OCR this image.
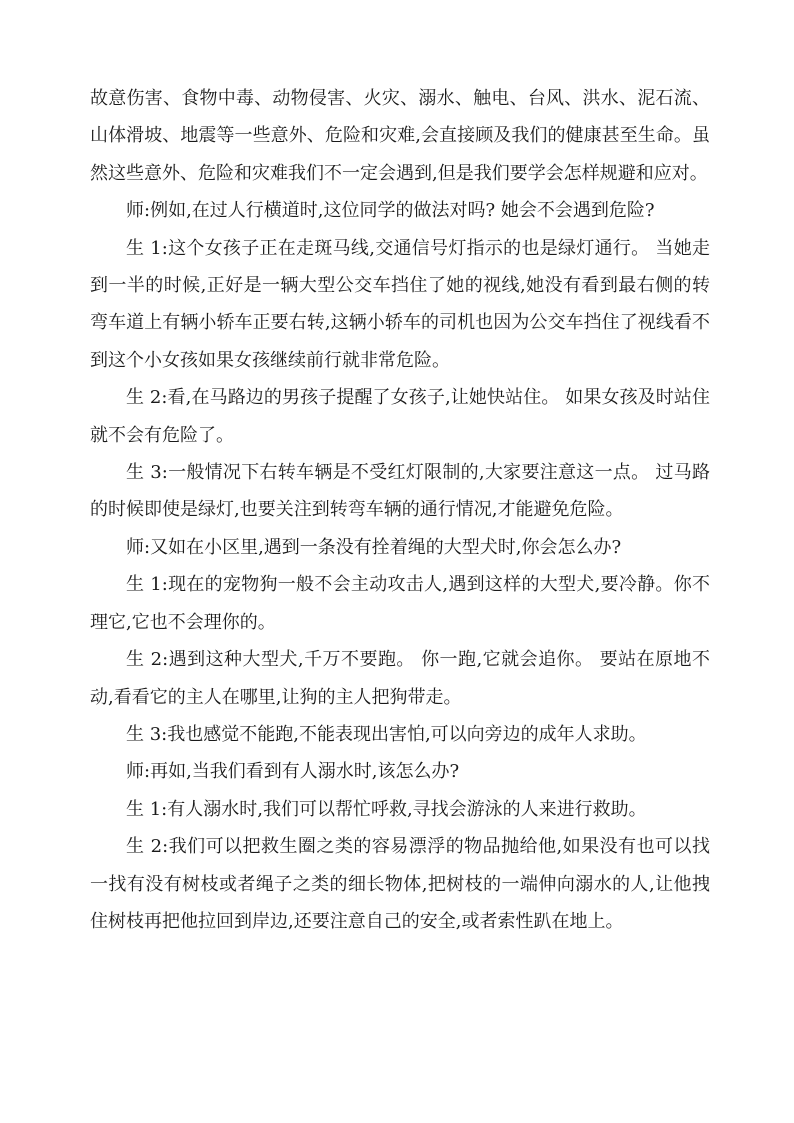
故意伤害、食物中毒、动物侵害、火灾、溺水、触电、台风、洪水、泥石流、山体滑坡、地震等一些意外、危险和灾难,会直接顾及我们的健康甚至生命。虽然这些意外、危险和灾难我们不一定会遇到,但是我们要学会怎样规避和应对。

师:例如,在过人行横道时,这位同学的做法对吗? 她会不会遇到危险?

生 1:这个女孩子正在走斑马线,交通信号灯指示的也是绿灯通行。 当她走到一半的时候,正好是一辆大型公交车挡住了她的视线,她没有看到最右侧的转弯车道上有辆小轿车正要右转,这辆小轿车的司机也因为公交车挡住了视线看不到这个小女孩如果女孩继续前行就非常危险。

生 2:看,在马路边的男孩子提醒了女孩子,让她快站住。 如果女孩及时站住就不会有危险了。

生 3:一般情况下右转车辆是不受红灯限制的,大家要注意这一点。 过马路的时候即使是绿灯,也要关注到转弯车辆的通行情况,才能避免危险。

师:又如在小区里,遇到一条没有拴着绳的大型犬时,你会怎么办?

生 1:现在的宠物狗一般不会主动攻击人,遇到这样的大型犬,要冷静。你不理它,它也不会理你的。

生 2:遇到这种大型犬,千万不要跑。 你一跑,它就会追你。 要站在原地不动,看看它的主人在哪里,让狗的主人把狗带走。

生 3:我也感觉不能跑,不能表现出害怕,可以向旁边的成年人求助。

师:再如,当我们看到有人溺水时,该怎么办?

生 1:有人溺水时,我们可以帮忙呼救,寻找会游泳的人来进行救助。

生 2:我们可以把救生圈之类的容易漂浮的物品抛给他,如果没有也可以找一找有没有树枝或者绳子之类的细长物体,把树枝的一端伸向溺水的人,让他拽住树枝再把他拉回到岸边,还要注意自己的安全,或者索性趴在地上。
